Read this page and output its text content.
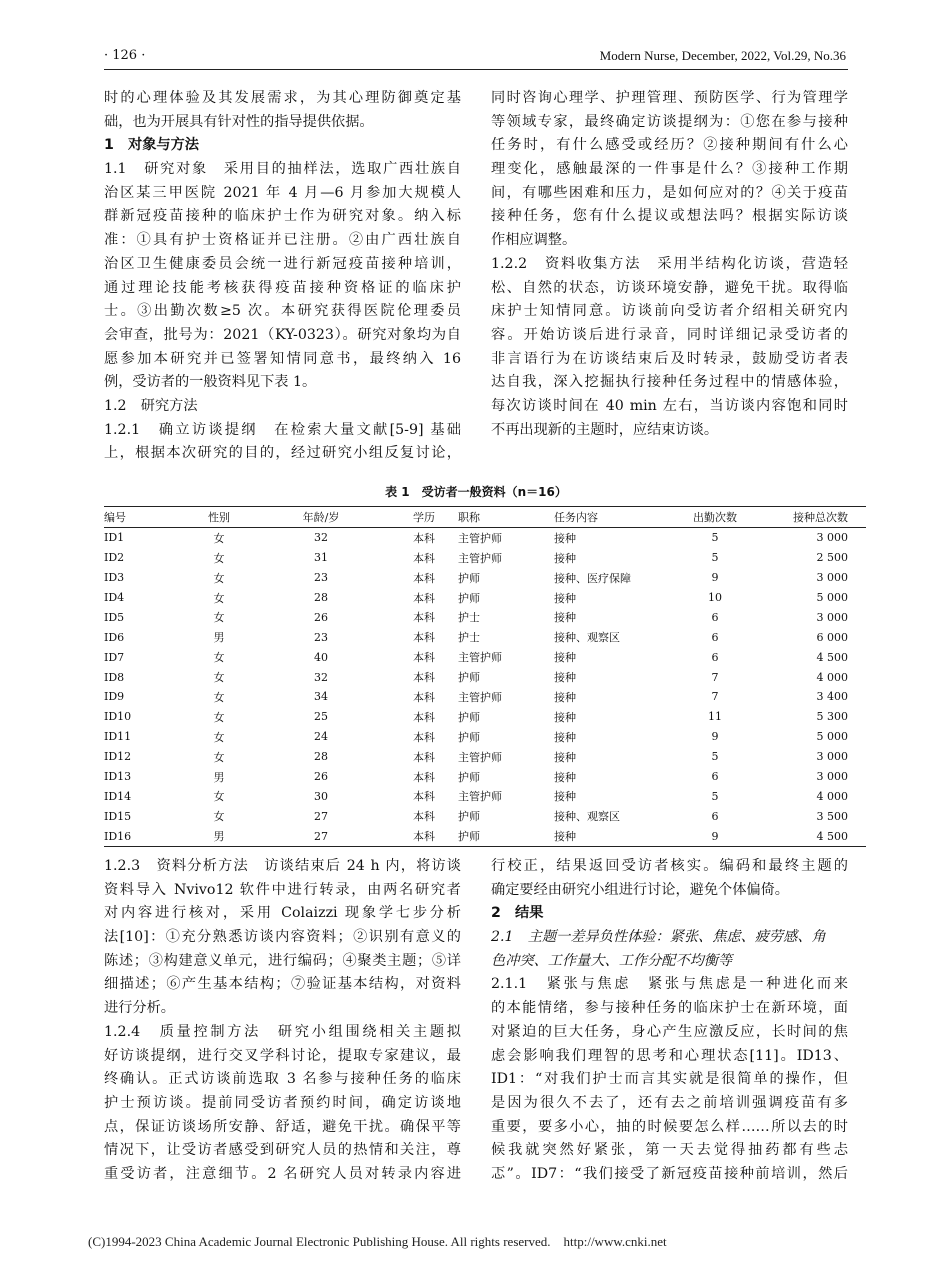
· 126 ·	Modern Nurse, December, 2022, Vol.29, No.36
时的心理体验及其发展需求，为其心理防御奠定基
础，也为开展具有针对性的指导提供依据。
1　对象与方法
1.1　研究对象　采用目的抽样法，选取广西壮族自
治区某三甲医院 2021 年 4 月—6 月参加大规模人
群新冠疫苗接种的临床护士作为研究对象。纳入标
准：①具有护士资格证并已注册。②由广西壮族自
治区卫生健康委员会统一进行新冠疫苗接种培训，
通过理论技能考核获得疫苗接种资格证的临床护
士。③出勤次数≥5 次。本研究获得医院伦理委员
会审查，批号为：2021（KY-0323）。研究对象均为自
愿参加本研究并已签署知情同意书，最终纳入 16
例，受访者的一般资料见下表 1。
1.2　研究方法
1.2.1　确立访谈提纲　在检索大量文献[5-9] 基础
上，根据本次研究的目的，经过研究小组反复讨论，
同时咨询心理学、护理管理、预防医学、行为管理学
等领域专家，最终确定访谈提纲为：①您在参与接种
任务时，有什么感受或经历？②接种期间有什么心
理变化，感触最深的一件事是什么？③接种工作期
间，有哪些困难和压力，是如何应对的？④关于疫苗
接种任务，您有什么提议或想法吗？根据实际访谈
作相应调整。
1.2.2　资料收集方法　采用半结构化访谈，营造轻
松、自然的状态，访谈环境安静，避免干扰。取得临
床护士知情同意。访谈前向受访者介绍相关研究内
容。开始访谈后进行录音，同时详细记录受访者的
非言语行为在访谈结束后及时转录，鼓励受访者表
达自我，深入挖掘执行接种任务过程中的情感体验，
每次访谈时间在 40 min 左右，当访谈内容饱和同时
不再出现新的主题时，应结束访谈。
表 1　受访者一般资料（n＝16）
编号	性别	年龄/岁	学历	职称	任务内容	出勤次数	接种总次数
ID1	女	32	本科	主管护师	接种	5	3 000
ID2	女	31	本科	主管护师	接种	5	2 500
ID3	女	23	本科	护师	接种、医疗保障	9	3 000
ID4	女	28	本科	护师	接种	10	5 000
ID5	女	26	本科	护士	接种	6	3 000
ID6	男	23	本科	护士	接种、观察区	6	6 000
ID7	女	40	本科	主管护师	接种	6	4 500
ID8	女	32	本科	护师	接种	7	4 000
ID9	女	34	本科	主管护师	接种	7	3 400
ID10	女	25	本科	护师	接种	11	5 300
ID11	女	24	本科	护师	接种	9	5 000
ID12	女	28	本科	主管护师	接种	5	3 000
ID13	男	26	本科	护师	接种	6	3 000
ID14	女	30	本科	主管护师	接种	5	4 000
ID15	女	27	本科	护师	接种、观察区	6	3 500
ID16	男	27	本科	护师	接种	9	4 500
1.2.3　资料分析方法　访谈结束后 24 h 内，将访谈
资料导入 Nvivo12 软件中进行转录，由两名研究者
对内容进行核对，采用 Colaizzi 现象学七步分析
法[10]：①充分熟悉访谈内容资料；②识别有意义的
陈述；③构建意义单元，进行编码；④聚类主题；⑤详
细描述；⑥产生基本结构；⑦验证基本结构，对资料
进行分析。
1.2.4　质量控制方法　研究小组围绕相关主题拟
好访谈提纲，进行交叉学科讨论，提取专家建议，最
终确认。正式访谈前选取 3 名参与接种任务的临床
护士预访谈。提前同受访者预约时间，确定访谈地
点，保证访谈场所安静、舒适，避免干扰。确保平等
情况下，让受访者感受到研究人员的热情和关注，尊
重受访者，注意细节。2 名研究人员对转录内容进
行校正，结果返回受访者核实。编码和最终主题的
确定要经由研究小组进行讨论，避免个体偏倚。
2　结果
2.1　主题一差异负性体验：紧张、焦虑、疲劳感、角
色冲突、工作量大、工作分配不均衡等
2.1.1　紧张与焦虑　紧张与焦虑是一种进化而来
的本能情绪，参与接种任务的临床护士在新环境，面
对紧迫的巨大任务，身心产生应激反应，长时间的焦
虑会影响我们理智的思考和心理状态[11]。ID13、
ID1：“对我们护士而言其实就是很简单的操作，但
是因为很久不去了，还有去之前培训强调疫苗有多
重要，要多小心，抽的时候要怎么样……所以去的时
候我就突然好紧张，第一天去觉得抽药都有些忐
忑”。ID7：“我们接受了新冠疫苗接种前培训，然后
(C)1994-2023 China Academic Journal Electronic Publishing House. All rights reserved.　http://www.cnki.net
